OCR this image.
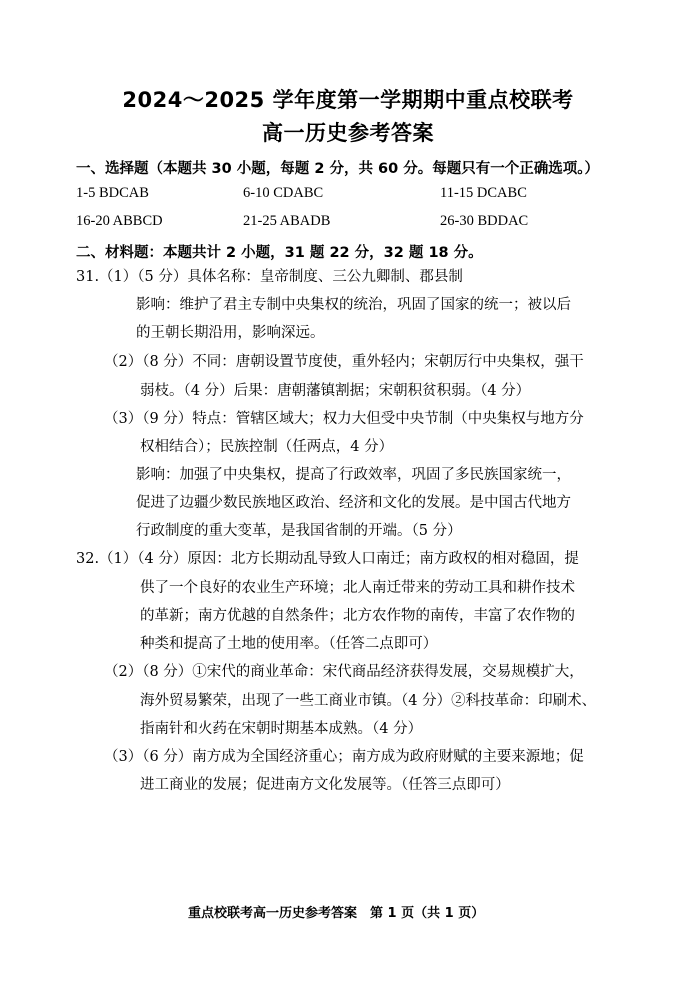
2024～2025 学年度第一学期期中重点校联考
高一历史参考答案
一、选择题（本题共 30 小题，每题 2 分，共 60 分。每题只有一个正确选项。）
1-5 BDCAB	6-10 CDABC	11-15 DCABC
16-20 ABBCD	21-25 ABADB	26-30 BDDAC
二、材料题：本题共计 2 小题，31 题 22 分，32 题 18 分。
31.（1）（5 分）具体名称：皇帝制度、三公九卿制、郡县制
影响：维护了君主专制中央集权的统治，巩固了国家的统一；被以后
的王朝长期沿用，影响深远。
（2）（8 分）不同：唐朝设置节度使，重外轻内；宋朝厉行中央集权，强干
弱枝。（4 分）后果：唐朝藩镇割据；宋朝积贫积弱。（4 分）
（3）（9 分）特点：管辖区域大；权力大但受中央节制（中央集权与地方分
权相结合）；民族控制（任两点，4 分）
影响：加强了中央集权，提高了行政效率，巩固了多民族国家统一，
促进了边疆少数民族地区政治、经济和文化的发展。是中国古代地方
行政制度的重大变革，是我国省制的开端。（5 分）
32.（1）（4 分）原因：北方长期动乱导致人口南迁；南方政权的相对稳固，提
供了一个良好的农业生产环境；北人南迁带来的劳动工具和耕作技术
的革新；南方优越的自然条件；北方农作物的南传，丰富了农作物的
种类和提高了土地的使用率。（任答二点即可）
（2）（8 分）①宋代的商业革命：宋代商品经济获得发展，交易规模扩大，
海外贸易繁荣，出现了一些工商业市镇。（4 分）②科技革命：印刷术、
指南针和火药在宋朝时期基本成熟。（4 分）
（3）（6 分）南方成为全国经济重心；南方成为政府财赋的主要来源地；促
进工商业的发展；促进南方文化发展等。（任答三点即可）
重点校联考高一历史参考答案　第 1 页（共 1 页）
